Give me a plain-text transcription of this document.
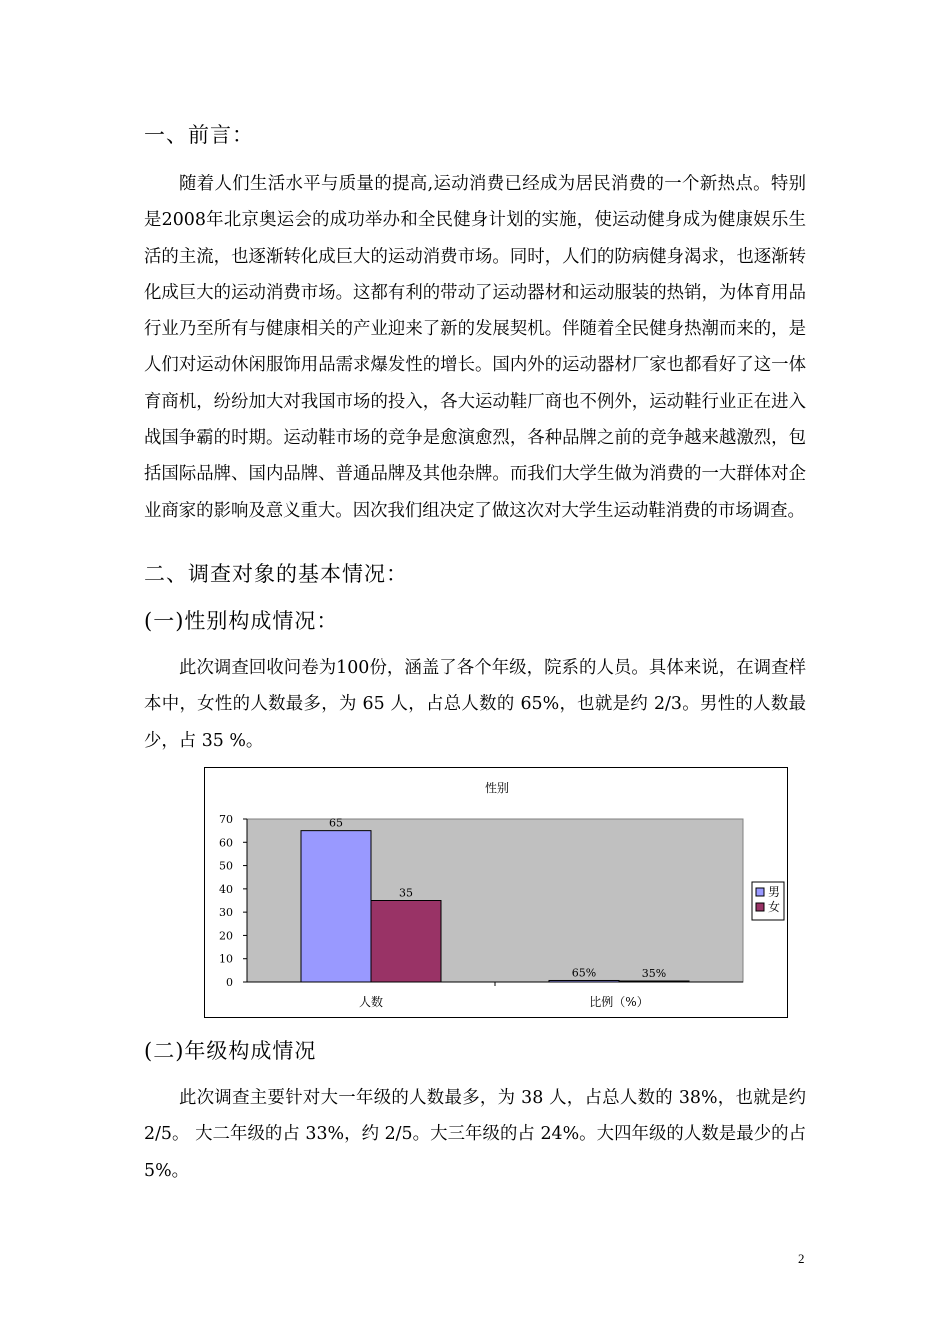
一、前言：
随着人们生活水平与质量的提高,运动消费已经成为居民消费的一个新热点。特别是2008年北京奥运会的成功举办和全民健身计划的实施，使运动健身成为健康娱乐生活的主流，也逐渐转化成巨大的运动消费市场。同时，人们的防病健身渴求，也逐渐转化成巨大的运动消费市场。这都有利的带动了运动器材和运动服装的热销，为体育用品行业乃至所有与健康相关的产业迎来了新的发展契机。伴随着全民健身热潮而来的，是人们对运动休闲服饰用品需求爆发性的增长。国内外的运动器材厂家也都看好了这一体育商机，纷纷加大对我国市场的投入，各大运动鞋厂商也不例外，运动鞋行业正在进入战国争霸的时期。运动鞋市场的竞争是愈演愈烈，各种品牌之前的竞争越来越激烈，包括国际品牌、国内品牌、普通品牌及其他杂牌。而我们大学生做为消费的一大群体对企业商家的影响及意义重大。因次我们组决定了做这次对大学生运动鞋消费的市场调查。
二、调查对象的基本情况：
(一)性别构成情况：
此次调查回收问卷为100份，涵盖了各个年级，院系的人员。具体来说，在调查样本中，女性的人数最多，为 65 人，占总人数的 65%，也就是约 2/3。男性的人数最少，占 35 %。
性别
0
10
20
30
40
50
60
70
人数
65
35
比例（%）
65%	35%
男
女
(二)年级构成情况
此次调查主要针对大一年级的人数最多，为 38 人，占总人数的 38%，也就是约 2/5。 大二年级的占 33%，约 2/5。大三年级的占 24%。大四年级的人数是最少的占 5%。
2
